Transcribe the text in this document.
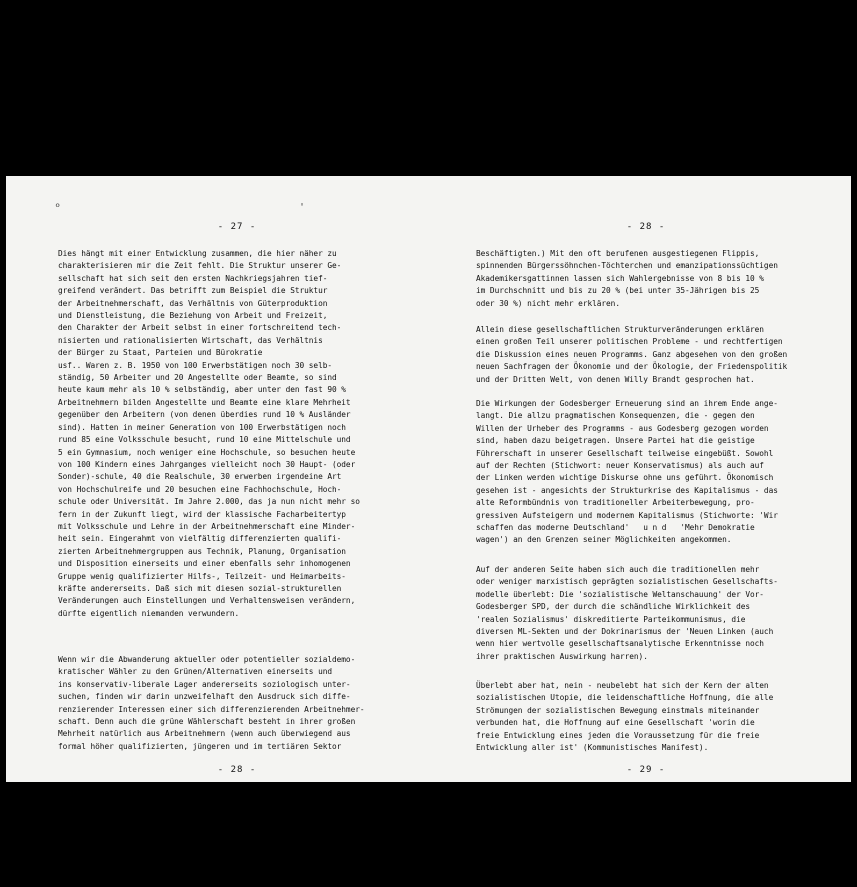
ᵒ	'
- 27 -
Dies hängt mit einer Entwicklung zusammen, die hier näher zu
charakterisieren mir die Zeit fehlt. Die Struktur unserer Ge-
sellschaft hat sich seit den ersten Nachkriegsjahren tief-
greifend verändert. Das betrifft zum Beispiel die Struktur
der Arbeitnehmerschaft, das Verhältnis von Güterproduktion
und Dienstleistung, die Beziehung von Arbeit und Freizeit,
den Charakter der Arbeit selbst in einer fortschreitend tech-
nisierten und rationalisierten Wirtschaft, das Verhältnis
der Bürger zu Staat, Parteien und Bürokratie
usf.. Waren z. B. 1950 von 100 Erwerbstätigen noch 30 selb-
ständig, 50 Arbeiter und 20 Angestellte oder Beamte, so sind
heute kaum mehr als 10 % selbständig, aber unter den fast 90 %
Arbeitnehmern bilden Angestellte und Beamte eine klare Mehrheit
gegenüber den Arbeitern (von denen überdies rund 10 % Ausländer
sind). Hatten in meiner Generation von 100 Erwerbstätigen noch
rund 85 eine Volksschule besucht, rund 10 eine Mittelschule und
5 ein Gymnasium, noch weniger eine Hochschule, so besuchen heute
von 100 Kindern eines Jahrganges vielleicht noch 30 Haupt- (oder
Sonder)-schule, 40 die Realschule, 30 erwerben irgendeine Art
von Hochschulreife und 20 besuchen eine Fachhochschule, Hoch-
schule oder Universität. Im Jahre 2.000, das ja nun nicht mehr so
fern in der Zukunft liegt, wird der klassische Facharbeitertyp
mit Volksschule und Lehre in der Arbeitnehmerschaft eine Minder-
heit sein. Eingerahmt von vielfältig differenzierten qualifi-
zierten Arbeitnehmergruppen aus Technik, Planung, Organisation
und Disposition einerseits und einer ebenfalls sehr inhomogenen
Gruppe wenig qualifizierter Hilfs-, Teilzeit- und Heimarbeits-
kräfte andererseits. Daß sich mit diesen sozial-strukturellen
Veränderungen auch Einstellungen und Verhaltensweisen verändern,
dürfte eigentlich niemanden verwundern.
Wenn wir die Abwanderung aktueller oder potentieller sozialdemo-
kratischer Wähler zu den Grünen/Alternativen einerseits und
ins konservativ-liberale Lager andererseits soziologisch unter-
suchen, finden wir darin unzweifelhaft den Ausdruck sich diffe-
renzierender Interessen einer sich differenzierenden Arbeitnehmer-
schaft. Denn auch die grüne Wählerschaft besteht in ihrer großen
Mehrheit natürlich aus Arbeitnehmern (wenn auch überwiegend aus
formal höher qualifizierten, jüngeren und im tertiären Sektor
- 28 -
- 28 -
Beschäftigten.) Mit den oft berufenen ausgestiegenen Flippis,
spinnenden Bürgerssöhnchen-Töchterchen und emanzipationssüchtigen
Akademikersgattinnen lassen sich Wahlergebnisse von 8 bis 10 %
im Durchschnitt und bis zu 20 % (bei unter 35-Jährigen bis 25
oder 30 %) nicht mehr erklären.
Allein diese gesellschaftlichen Strukturveränderungen erklären
einen großen Teil unserer politischen Probleme - und rechtfertigen
die Diskussion eines neuen Programms. Ganz abgesehen von den großen
neuen Sachfragen der Ökonomie und der Ökologie, der Friedenspolitik
und der Dritten Welt, von denen Willy Brandt gesprochen hat.
Die Wirkungen der Godesberger Erneuerung sind an ihrem Ende ange-
langt. Die allzu pragmatischen Konsequenzen, die - gegen den
Willen der Urheber des Programms - aus Godesberg gezogen worden
sind, haben dazu beigetragen. Unsere Partei hat die geistige
Führerschaft in unserer Gesellschaft teilweise eingebüßt. Sowohl
auf der Rechten (Stichwort: neuer Konservatismus) als auch auf
der Linken werden wichtige Diskurse ohne uns geführt. Ökonomisch
gesehen ist - angesichts der Strukturkrise des Kapitalismus - das
alte Reformbündnis von traditioneller Arbeiterbewegung, pro-
gressiven Aufsteigern und modernem Kapitalismus (Stichworte: 'Wir
schaffen das moderne Deutschland'   u n d   'Mehr Demokratie
wagen') an den Grenzen seiner Möglichkeiten angekommen.
Auf der anderen Seite haben sich auch die traditionellen mehr
oder weniger marxistisch geprägten sozialistischen Gesellschafts-
modelle überlebt: Die 'sozialistische Weltanschauung' der Vor-
Godesberger SPD, der durch die schändliche Wirklichkeit des
'realen Sozialismus' diskreditierte Parteikommunismus, die
diversen ML-Sekten und der Dokrinarismus der 'Neuen Linken (auch
wenn hier wertvolle gesellschaftsanalytische Erkenntnisse noch
ihrer praktischen Auswirkung harren).
Überlebt aber hat, nein - neubelebt hat sich der Kern der alten
sozialistischen Utopie, die leidenschaftliche Hoffnung, die alle
Strömungen der sozialistischen Bewegung einstmals miteinander
verbunden hat, die Hoffnung auf eine Gesellschaft 'worin die
freie Entwicklung eines jeden die Voraussetzung für die freie
Entwicklung aller ist' (Kommunistisches Manifest).
- 29 -
